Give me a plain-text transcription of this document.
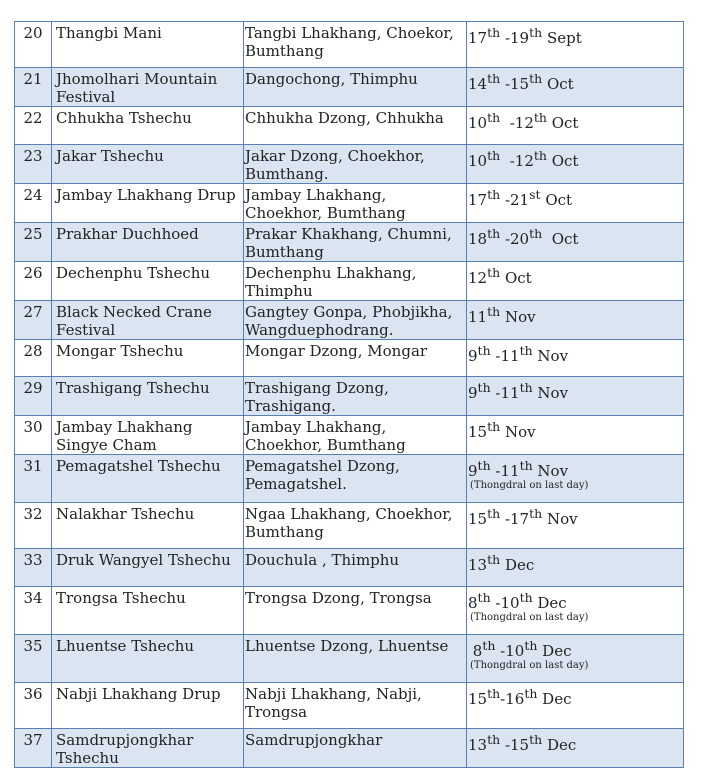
20	Thangbi Mani	Tangbi Lhakhang, Choekor, Bumthang	17th -19th Sept

21	Jhomolhari Mountain Festival	Dangochong, Thimphu	14th -15th Oct

22	Chhukha Tshechu	Chhukha Dzong, Chhukha	10th  -12th Oct

23	Jakar Tshechu	Jakar Dzong, Choekhor, Bumthang.	10th  -12th Oct

24	Jambay Lhakhang Drup	Jambay Lhakhang, Choekhor, Bumthang	17th -21st Oct

25	Prakhar Duchhoed	Prakar Khakhang, Chumni, Bumthang	18th -20th  Oct

26	Dechenphu Tshechu	Dechenphu Lhakhang, Thimphu	12th Oct

27	Black Necked Crane Festival	Gangtey Gonpa, Phobjikha, Wangduephodrang.	11th Nov

28	Mongar Tshechu	Mongar Dzong, Mongar	9th -11th Nov

29	Trashigang Tshechu	Trashigang Dzong, Trashigang.	9th -11th Nov

30	Jambay Lhakhang Singye Cham	Jambay Lhakhang, Choekhor, Bumthang	15th Nov

31	Pemagatshel Tshechu	Pemagatshel Dzong, Pemagatshel.	9th -11th Nov
(Thongdral on last day)

32	Nalakhar Tshechu	Ngaa Lhakhang, Choekhor, Bumthang	15th -17th Nov

33	Druk Wangyel Tshechu	Douchula , Thimphu	13th Dec

34	Trongsa Tshechu	Trongsa Dzong, Trongsa	8th -10th Dec
(Thongdral on last day)

35	Lhuentse Tshechu	Lhuentse Dzong, Lhuentse	8th -10th Dec
(Thongdral on last day)

36	Nabji Lhakhang Drup	Nabji Lhakhang, Nabji, Trongsa	15th-16th Dec

37	Samdrupjongkhar Tshechu	Samdrupjongkhar	13th -15th Dec
